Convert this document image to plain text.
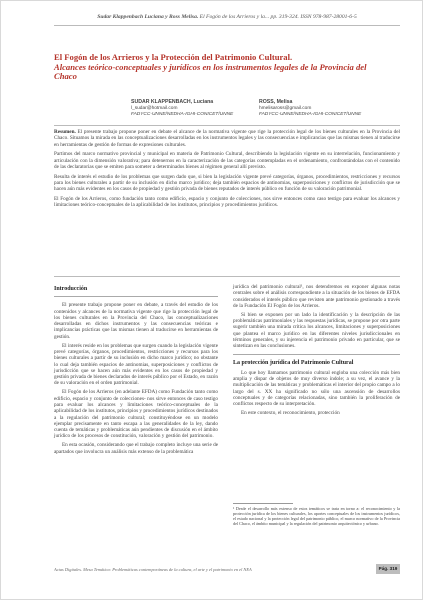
Sudar Klappenbach Luciana y Ross Melisa. El Fogón de los Arrieros y la... pp. 319-324. ISSN 978-987-28001-6-5
El Fogón de los Arrieros y la Protección del Patrimonio Cultural.
Alcances teórico-conceptuales y jurídicos en los instrumentos legales de la Provincia del Chaco
SUDAR KLAPPENBACH, Luciana
l_sudar@hotmail.com
FADYCC-UNNE/NEDHA-IGHI-CONICET/UNNE
ROSS, Melisa
hmelisaross@gmail.com
FADYCC-UNNE/NEDHA-IGHI-CONICET/UNNE

Resumen. El presente trabajo propone poner en debate el alcance de la normativa vigente que rige la protección legal de los bienes culturales en la Provincia del Chaco. Situamos la mirada en las conceptualizaciones desarrolladas en los instrumentos legales y las consecuencias e implicancias que las mismas tienen al traducirse en herramientas de gestión de formas de expresiones culturales.

Partimos del marco normativo provincial y municipal en materia de Patrimonio Cultural, describiendo la legislación vigente en su interrelación, funcionamiento y articulación con la dimensión valorativa; para detenernos en la caracterización de las categorías contempladas en el ordenamiento, confrontándolas con el contenido de las declaratorias que se emiten para someter a determinados bienes al régimen general allí previsto.

Resulta de interés el estudio de los problemas que surgen dado que, si bien la legislación vigente prevé categorías, órganos, procedimientos, restricciones y recursos para los bienes culturales a partir de su inclusión en dicho marco jurídico; deja también espacios de antinomias, superposiciones y conflictos de jurisdicción que se hacen aún más evidentes en los casos de propiedad y gestión privada de bienes reputados de interés público en función de su valoración patrimonial.

El Fogón de los Arrieros, como fundación tanto como edificio, espacio y conjunto de colecciones, nos sirve entonces como caso testigo para evaluar los alcances y limitaciones teórico-conceptuales de la aplicabilidad de los institutos, principios y procedimientos jurídicos.

Introducción

El presente trabajo propone poner en debate, a través del estudio de los contenidos y alcances de la normativa vigente que rige la protección legal de los bienes culturales en la Provincia del Chaco, las conceptualizaciones desarrolladas en dichos instrumentos y las consecuencias teóricas e implicancias prácticas que las mismas tienen al traducirse en herramientas de gestión.

El interés reside en los problemas que surgen cuando la legislación vigente prevé categorías, órganos, procedimientos, restricciones y recursos para los bienes culturales a partir de su inclusión en dicho marco jurídico; no obstante lo cual deja también espacios de antinomias, superposiciones y conflictos de jurisdicción que se hacen aún más evidentes en los casos de propiedad y gestión privada de bienes declarados de interés público por el Estado, en razón de su valoración en el orden patrimonial.

El Fogón de los Arrieros (en adelante EFDA) como Fundación tanto como edificio, espacio y conjunto de colecciones- nos sirve entonces de caso testigo para evaluar los alcances y limitaciones teórico-conceptuales de la aplicabilidad de los institutos, principios y procedimientos jurídicos destinados a la regulación del patrimonio cultural; constituyéndose en un modelo ejemplar precisamente en tanto escapa a las generalidades de la ley, dando cuenta de temáticas y problemáticas aún pendientes de discusión en el ámbito jurídico de los procesos de constitución, valoración y gestión del patrimonio.

En esta ocasión, considerando que el trabajo completo incluye una serie de apartados que involucra un análisis más extenso de la problemática

jurídica del patrimonio cultural¹, nos detendremos en exponer algunas notas centrales sobre el análisis correspondiente a la situación de los bienes de EFDA considerados el interés público que revisten ante patrimonio gestionado a través de la Fundación El Fogón de los Arrieros.

Si bien se exponen por un lado la identificación y la descripción de las problemáticas patrimoniales y las respuestas jurídicas, se propone por otra parte sugerir también una mirada crítica los alcances, limitaciones y superposiciones que plantea el marco jurídico en las diferentes niveles jurisdiccionales en términos generales, y su injerencia el patrimonio privado en particular, que se sintetizan en las conclusiones.

La protección jurídica del Patrimonio Cultural

Lo que hoy llamamos patrimonio cultural engloba una colección más bien amplia y dispar de objetos de muy diverso índole; a su vez, el avance y la multiplicación de las temáticas y problemáticas el interior del propio campo a lo largo del s. XX ha significado no sólo una ascensión de desarrollos conceptuales y de categorías relacionadas, sino también la proliferación de conflictos respecto de su interpretación.

En este contexto, el reconocimiento, protección

¹ Desde el desarrollo más extenso de estos temáticos se trata en torno a: el reconocimiento y la protección jurídica de los bienes culturales, los aportes conceptuales de los instrumentos jurídicos, el estado nacional y la protección legal del patrimonio público, el marco normativo de la Provincia del Chaco, el ámbito municipal y la regulación del patrimonio arquitectónico y urbano.
Actas Digitales. Mesa Temática: Problemáticas contemporáneas de la cultura, el arte y el patrimonio en el NEA	Pág. 319
